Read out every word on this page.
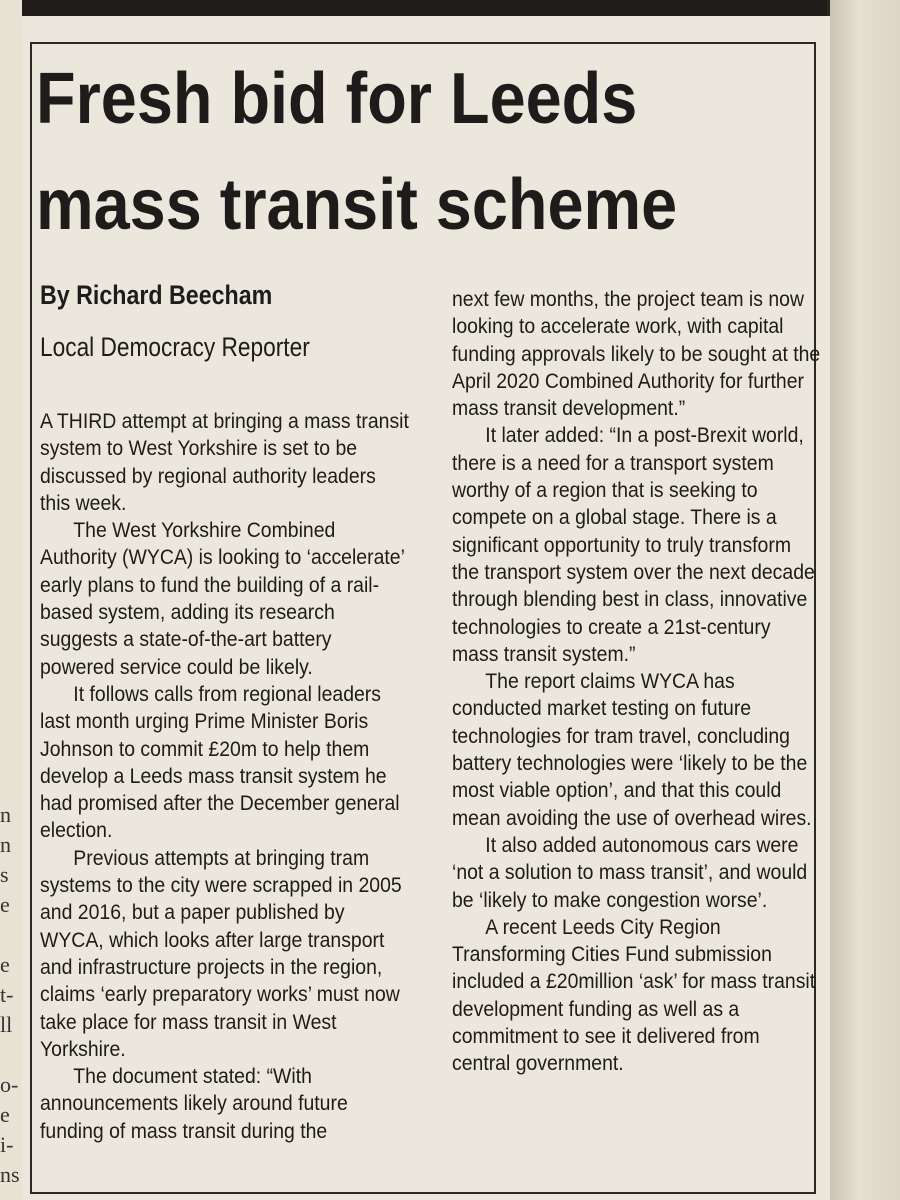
n
n
s
e

e
t-
ll

o-
e
i-
ns
Fresh bid for Leeds
mass transit scheme
By Richard Beecham
Local Democracy Reporter

A THIRD attempt at bringing a mass transit system to West Yorkshire is set to be discussed by regional authority leaders this week.

The West Yorkshire Combined Authority (WYCA) is looking to ‘accelerate’ early plans to fund the building of a rail-based system, adding its research suggests a state-of-the-art battery powered service could be likely.

It follows calls from regional leaders last month urging Prime Minister Boris Johnson to commit £20m to help them develop a Leeds mass transit system he had promised after the December general election.

Previous attempts at bringing tram systems to the city were scrapped in 2005 and 2016, but a paper published by WYCA, which looks after large transport and infrastructure projects in the region, claims ‘early preparatory works’ must now take place for mass transit in West Yorkshire.

The document stated: “With announcements likely around future funding of mass transit during the

next few months, the project team is now looking to accelerate work, with capital funding approvals likely to be sought at the April 2020 Combined Authority for further mass transit development.”

It later added: “In a post-Brexit world, there is a need for a transport system worthy of a region that is seeking to compete on a global stage. There is a significant opportunity to truly transform the transport system over the next decade through blending best in class, innovative technologies to create a 21st-century mass transit system.”

The report claims WYCA has conducted market testing on future technologies for tram travel, concluding battery technologies were ‘likely to be the most viable option’, and that this could mean avoiding the use of overhead wires.

It also added autonomous cars were ‘not a solution to mass transit’, and would be ‘likely to make congestion worse’.

A recent Leeds City Region Transforming Cities Fund submission included a £20million ‘ask’ for mass transit development funding as well as a commitment to see it delivered from central government.
